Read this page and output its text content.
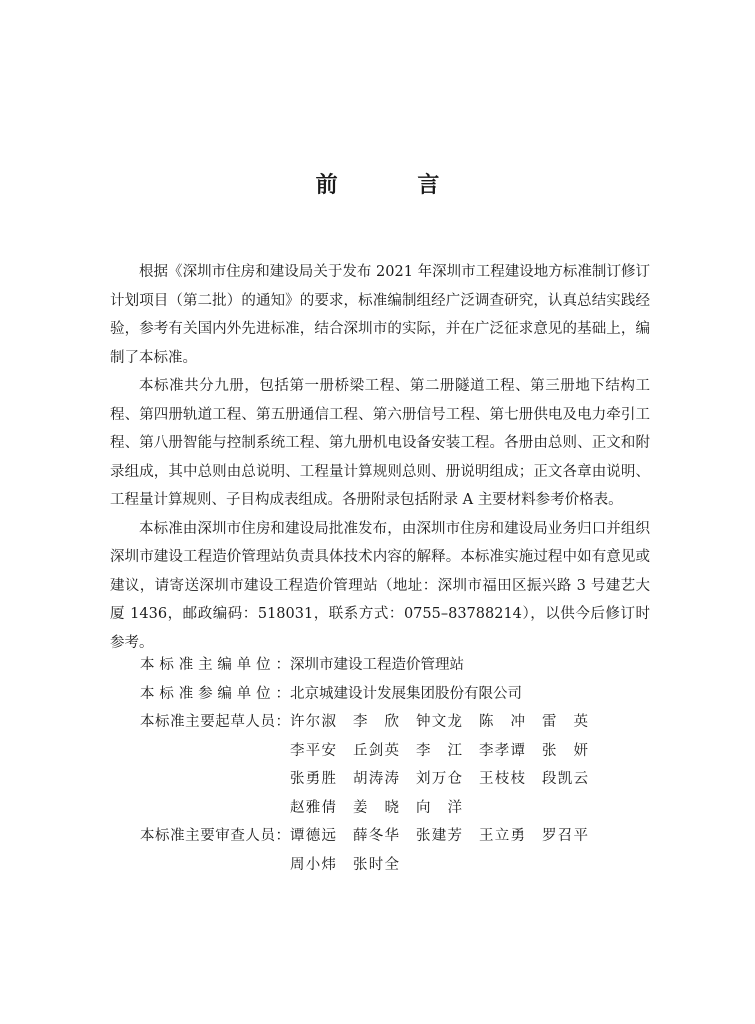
前 言

根据《深圳市住房和建设局关于发布 2021 年深圳市工程建设地方标准制订修订计划项目（第二批）的通知》的要求，标准编制组经广泛调查研究，认真总结实践经验，参考有关国内外先进标准，结合深圳市的实际，并在广泛征求意见的基础上，编制了本标准。

本标准共分九册，包括第一册桥梁工程、第二册隧道工程、第三册地下结构工程、第四册轨道工程、第五册通信工程、第六册信号工程、第七册供电及电力牵引工程、第八册智能与控制系统工程、第九册机电设备安装工程。各册由总则、正文和附录组成，其中总则由总说明、工程量计算规则总则、册说明组成；正文各章由说明、工程量计算规则、子目构成表组成。各册附录包括附录 A 主要材料参考价格表。

本标准由深圳市住房和建设局批准发布，由深圳市住房和建设局业务归口并组织深圳市建设工程造价管理站负责具体技术内容的解释。本标准实施过程中如有意见或建议，请寄送深圳市建设工程造价管理站（地址：深圳市福田区振兴路 3 号建艺大厦 1436，邮政编码：518031，联系方式：0755–83788214），以供今后修订时参考。

本标准主编单位： 深圳市建设工程造价管理站
本标准参编单位： 北京城建设计发展集团股份有限公司
本标准主要起草人员： 许尔淑 李欣 钟文龙 陈冲 雷英
李平安 丘剑英 李江 李孝谭 张妍
张勇胜 胡涛涛 刘万仓 王枝枝 段凯云
赵雅倩 姜晓 向洋
本标准主要审查人员： 谭德远 薛冬华 张建芳 王立勇 罗召平
周小炜 张时全
